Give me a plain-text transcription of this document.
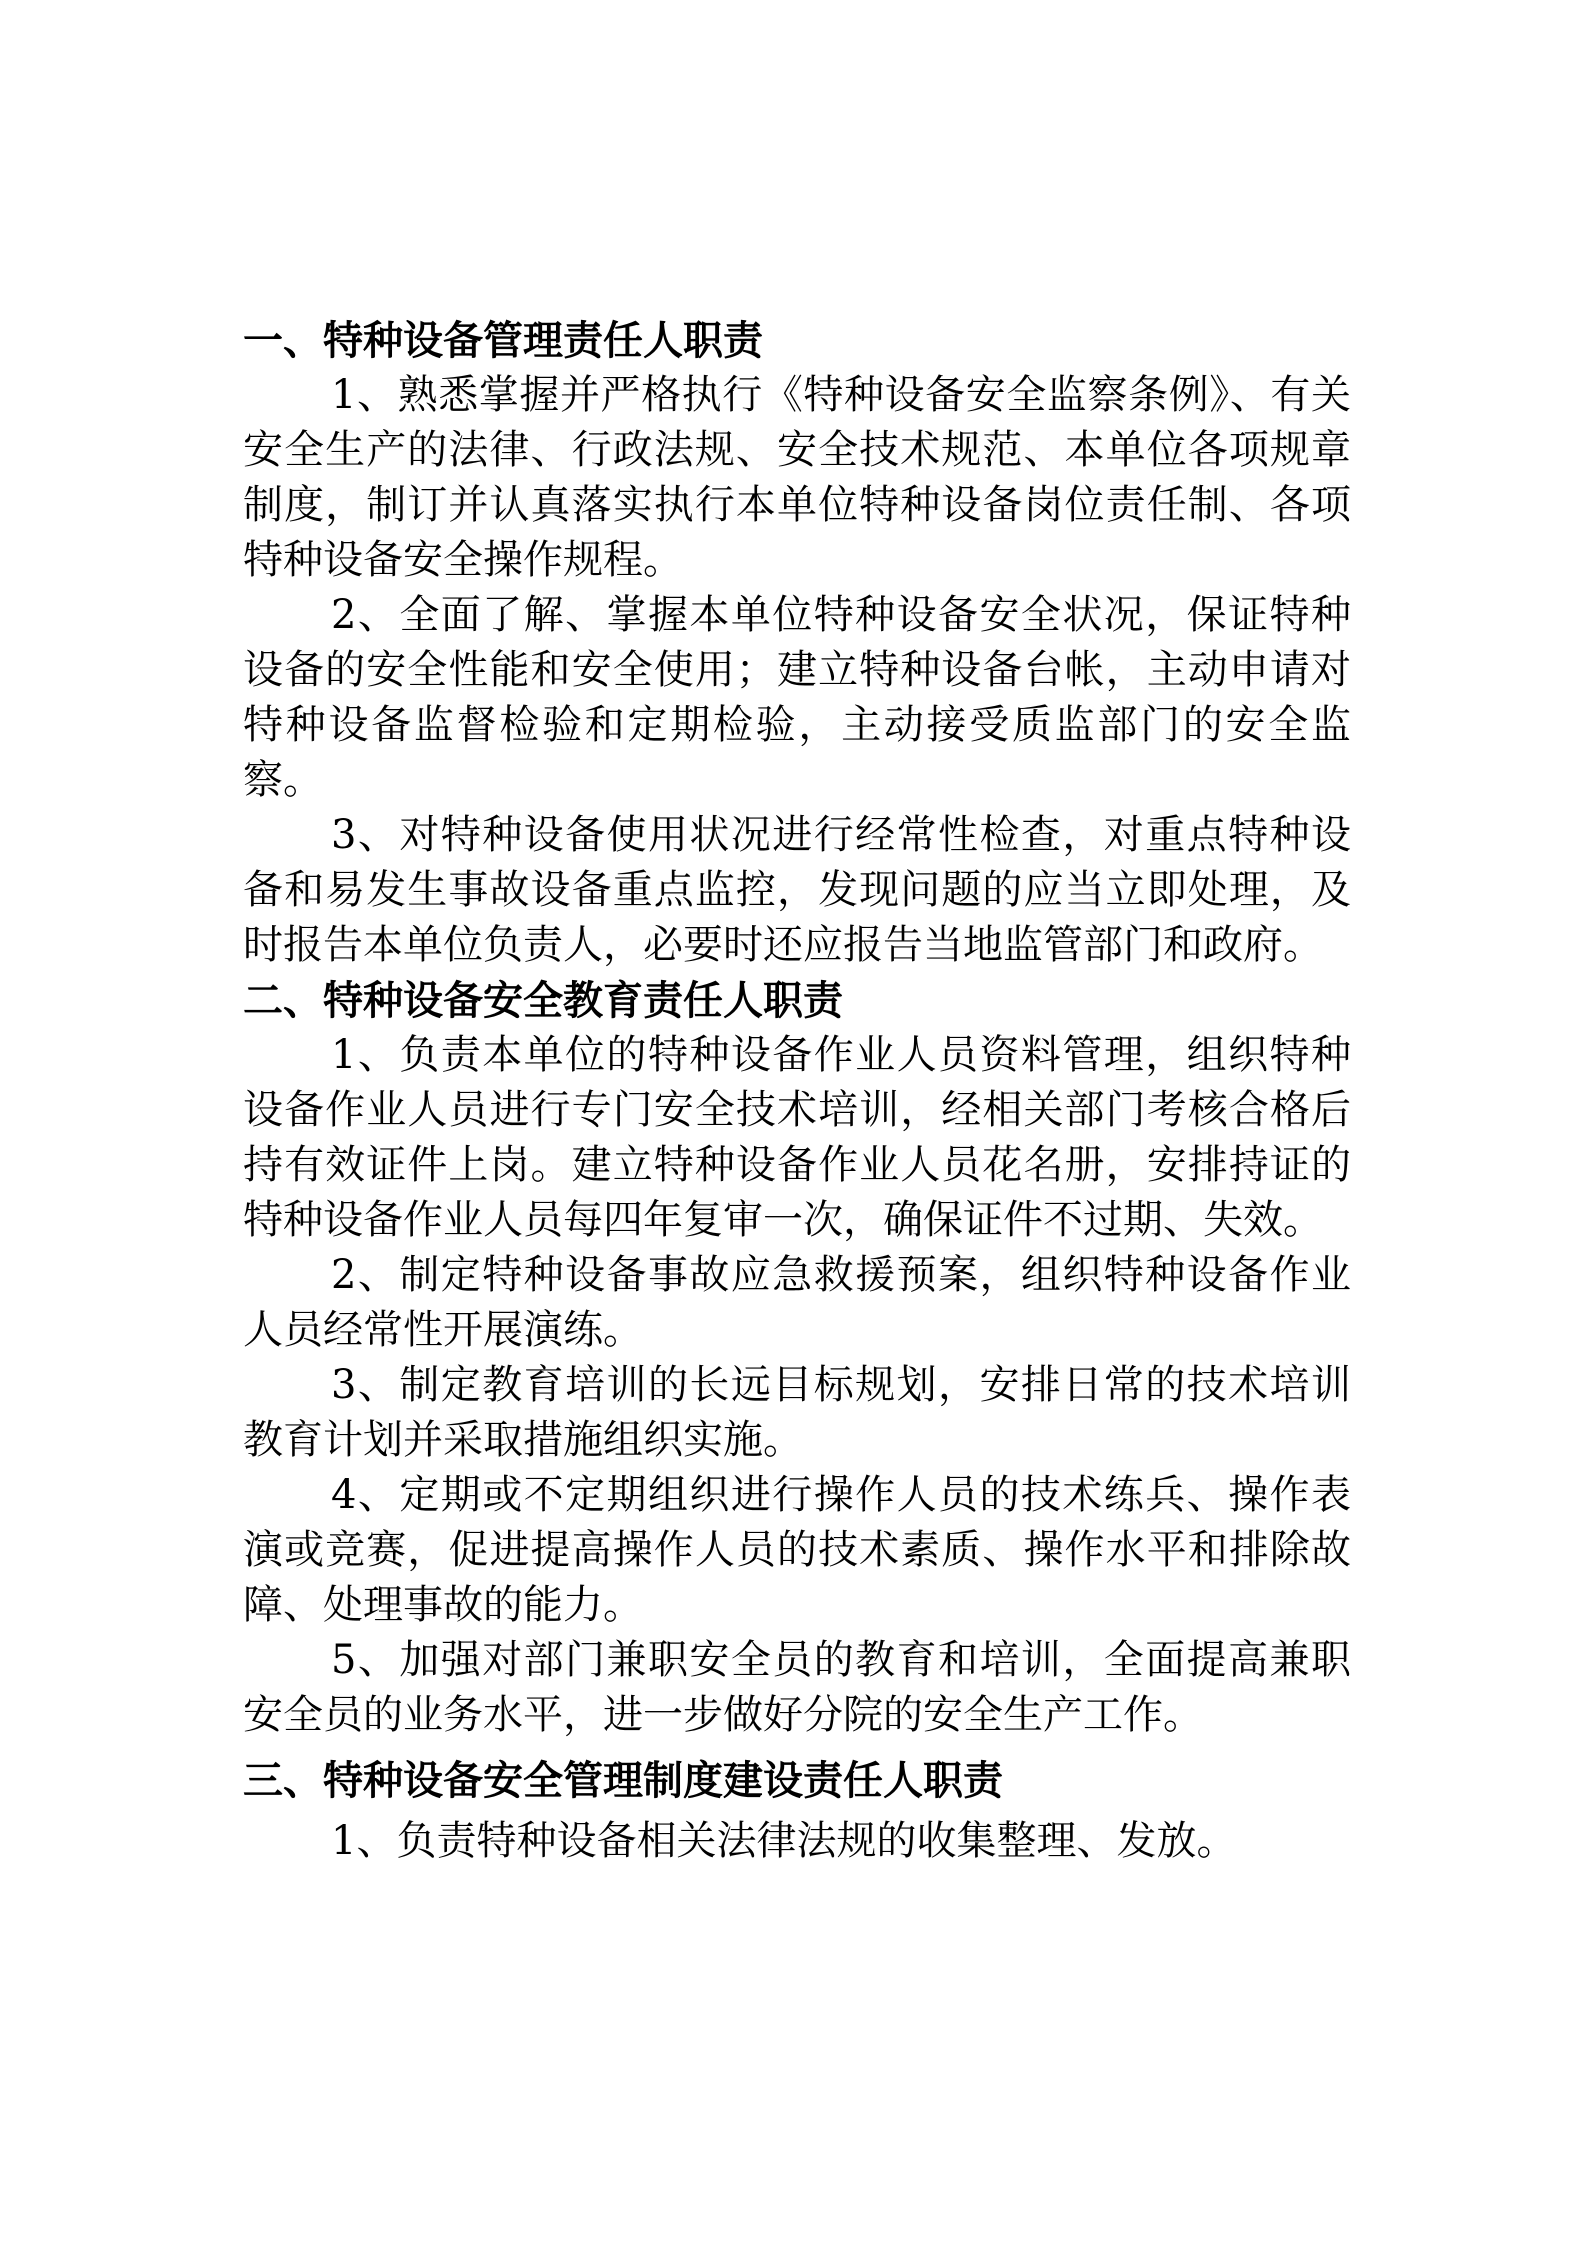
一、特种设备管理责任人职责

1、熟悉掌握并严格执行《特种设备安全监察条例》、有关安全生产的法律、行政法规、安全技术规范、本单位各项规章制度，制订并认真落实执行本单位特种设备岗位责任制、各项特种设备安全操作规程。

2、全面了解、掌握本单位特种设备安全状况，保证特种设备的安全性能和安全使用；建立特种设备台帐，主动申请对特种设备监督检验和定期检验，主动接受质监部门的安全监察。

3、对特种设备使用状况进行经常性检查，对重点特种设备和易发生事故设备重点监控，发现问题的应当立即处理，及时报告本单位负责人，必要时还应报告当地监管部门和政府。

二、特种设备安全教育责任人职责

1、负责本单位的特种设备作业人员资料管理，组织特种设备作业人员进行专门安全技术培训，经相关部门考核合格后持有效证件上岗。建立特种设备作业人员花名册，安排持证的特种设备作业人员每四年复审一次，确保证件不过期、失效。

2、制定特种设备事故应急救援预案，组织特种设备作业人员经常性开展演练。

3、制定教育培训的长远目标规划，安排日常的技术培训教育计划并采取措施组织实施。

4、定期或不定期组织进行操作人员的技术练兵、操作表演或竞赛，促进提高操作人员的技术素质、操作水平和排除故障、处理事故的能力。

5、加强对部门兼职安全员的教育和培训，全面提高兼职安全员的业务水平，进一步做好分院的安全生产工作。

三、特种设备安全管理制度建设责任人职责

1、负责特种设备相关法律法规的收集整理、发放。
